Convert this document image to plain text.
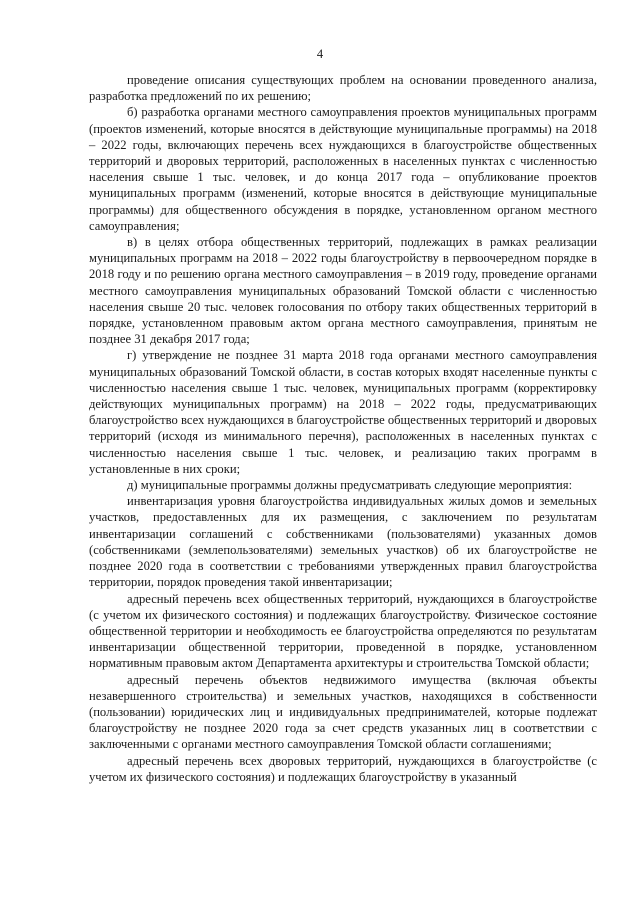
4

проведение описания существующих проблем на основании проведенного анализа, разработка предложений по их решению;

б) разработка органами местного самоуправления проектов муниципальных программ (проектов изменений, которые вносятся в действующие муниципальные программы) на 2018 – 2022 годы, включающих перечень всех нуждающихся в благоустройстве общественных территорий и дворовых территорий, расположенных в населенных пунктах с численностью населения свыше 1 тыс. человек, и до конца 2017 года – опубликование проектов муниципальных программ (изменений, которые вносятся в действующие муниципальные программы) для общественного обсуждения в порядке, установленном органом местного самоуправления;

в) в целях отбора общественных территорий, подлежащих в рамках реализации муниципальных программ на 2018 – 2022 годы благоустройству в первоочередном порядке в 2018 году и по решению органа местного самоуправления – в 2019 году, проведение органами местного самоуправления муниципальных образований Томской области с численностью населения свыше 20 тыс. человек голосования по отбору таких общественных территорий в порядке, установленном правовым актом органа местного самоуправления, принятым не позднее 31 декабря 2017 года;

г) утверждение не позднее 31 марта 2018 года органами местного самоуправления муниципальных образований Томской области, в состав которых входят населенные пункты с численностью населения свыше 1 тыс. человек, муниципальных программ (корректировку действующих муниципальных программ) на 2018 – 2022 годы, предусматривающих благоустройство всех нуждающихся в благоустройстве общественных территорий и дворовых территорий (исходя из минимального перечня), расположенных в населенных пунктах с численностью населения свыше 1 тыс. человек, и реализацию таких программ в установленные в них сроки;

д) муниципальные программы должны предусматривать следующие мероприятия:

инвентаризация уровня благоустройства индивидуальных жилых домов и земельных участков, предоставленных для их размещения, с заключением по результатам инвентаризации соглашений с собственниками (пользователями) указанных домов (собственниками (землепользователями) земельных участков) об их благоустройстве не позднее 2020 года в соответствии с требованиями утвержденных правил благоустройства территории, порядок проведения такой инвентаризации;

адресный перечень всех общественных территорий, нуждающихся в благоустройстве (с учетом их физического состояния) и подлежащих благоустройству. Физическое состояние общественной территории и необходимость ее благоустройства определяются по результатам инвентаризации общественной территории, проведенной в порядке, установленном нормативным правовым актом Департамента архитектуры и строительства Томской области;

адресный перечень объектов недвижимого имущества (включая объекты незавершенного строительства) и земельных участков, находящихся в собственности (пользовании) юридических лиц и индивидуальных предпринимателей, которые подлежат благоустройству не позднее 2020 года за счет средств указанных лиц в соответствии с заключенными с органами местного самоуправления Томской области соглашениями;

адресный перечень всех дворовых территорий, нуждающихся в благоустройстве (с учетом их физического состояния) и подлежащих благоустройству в указанный
